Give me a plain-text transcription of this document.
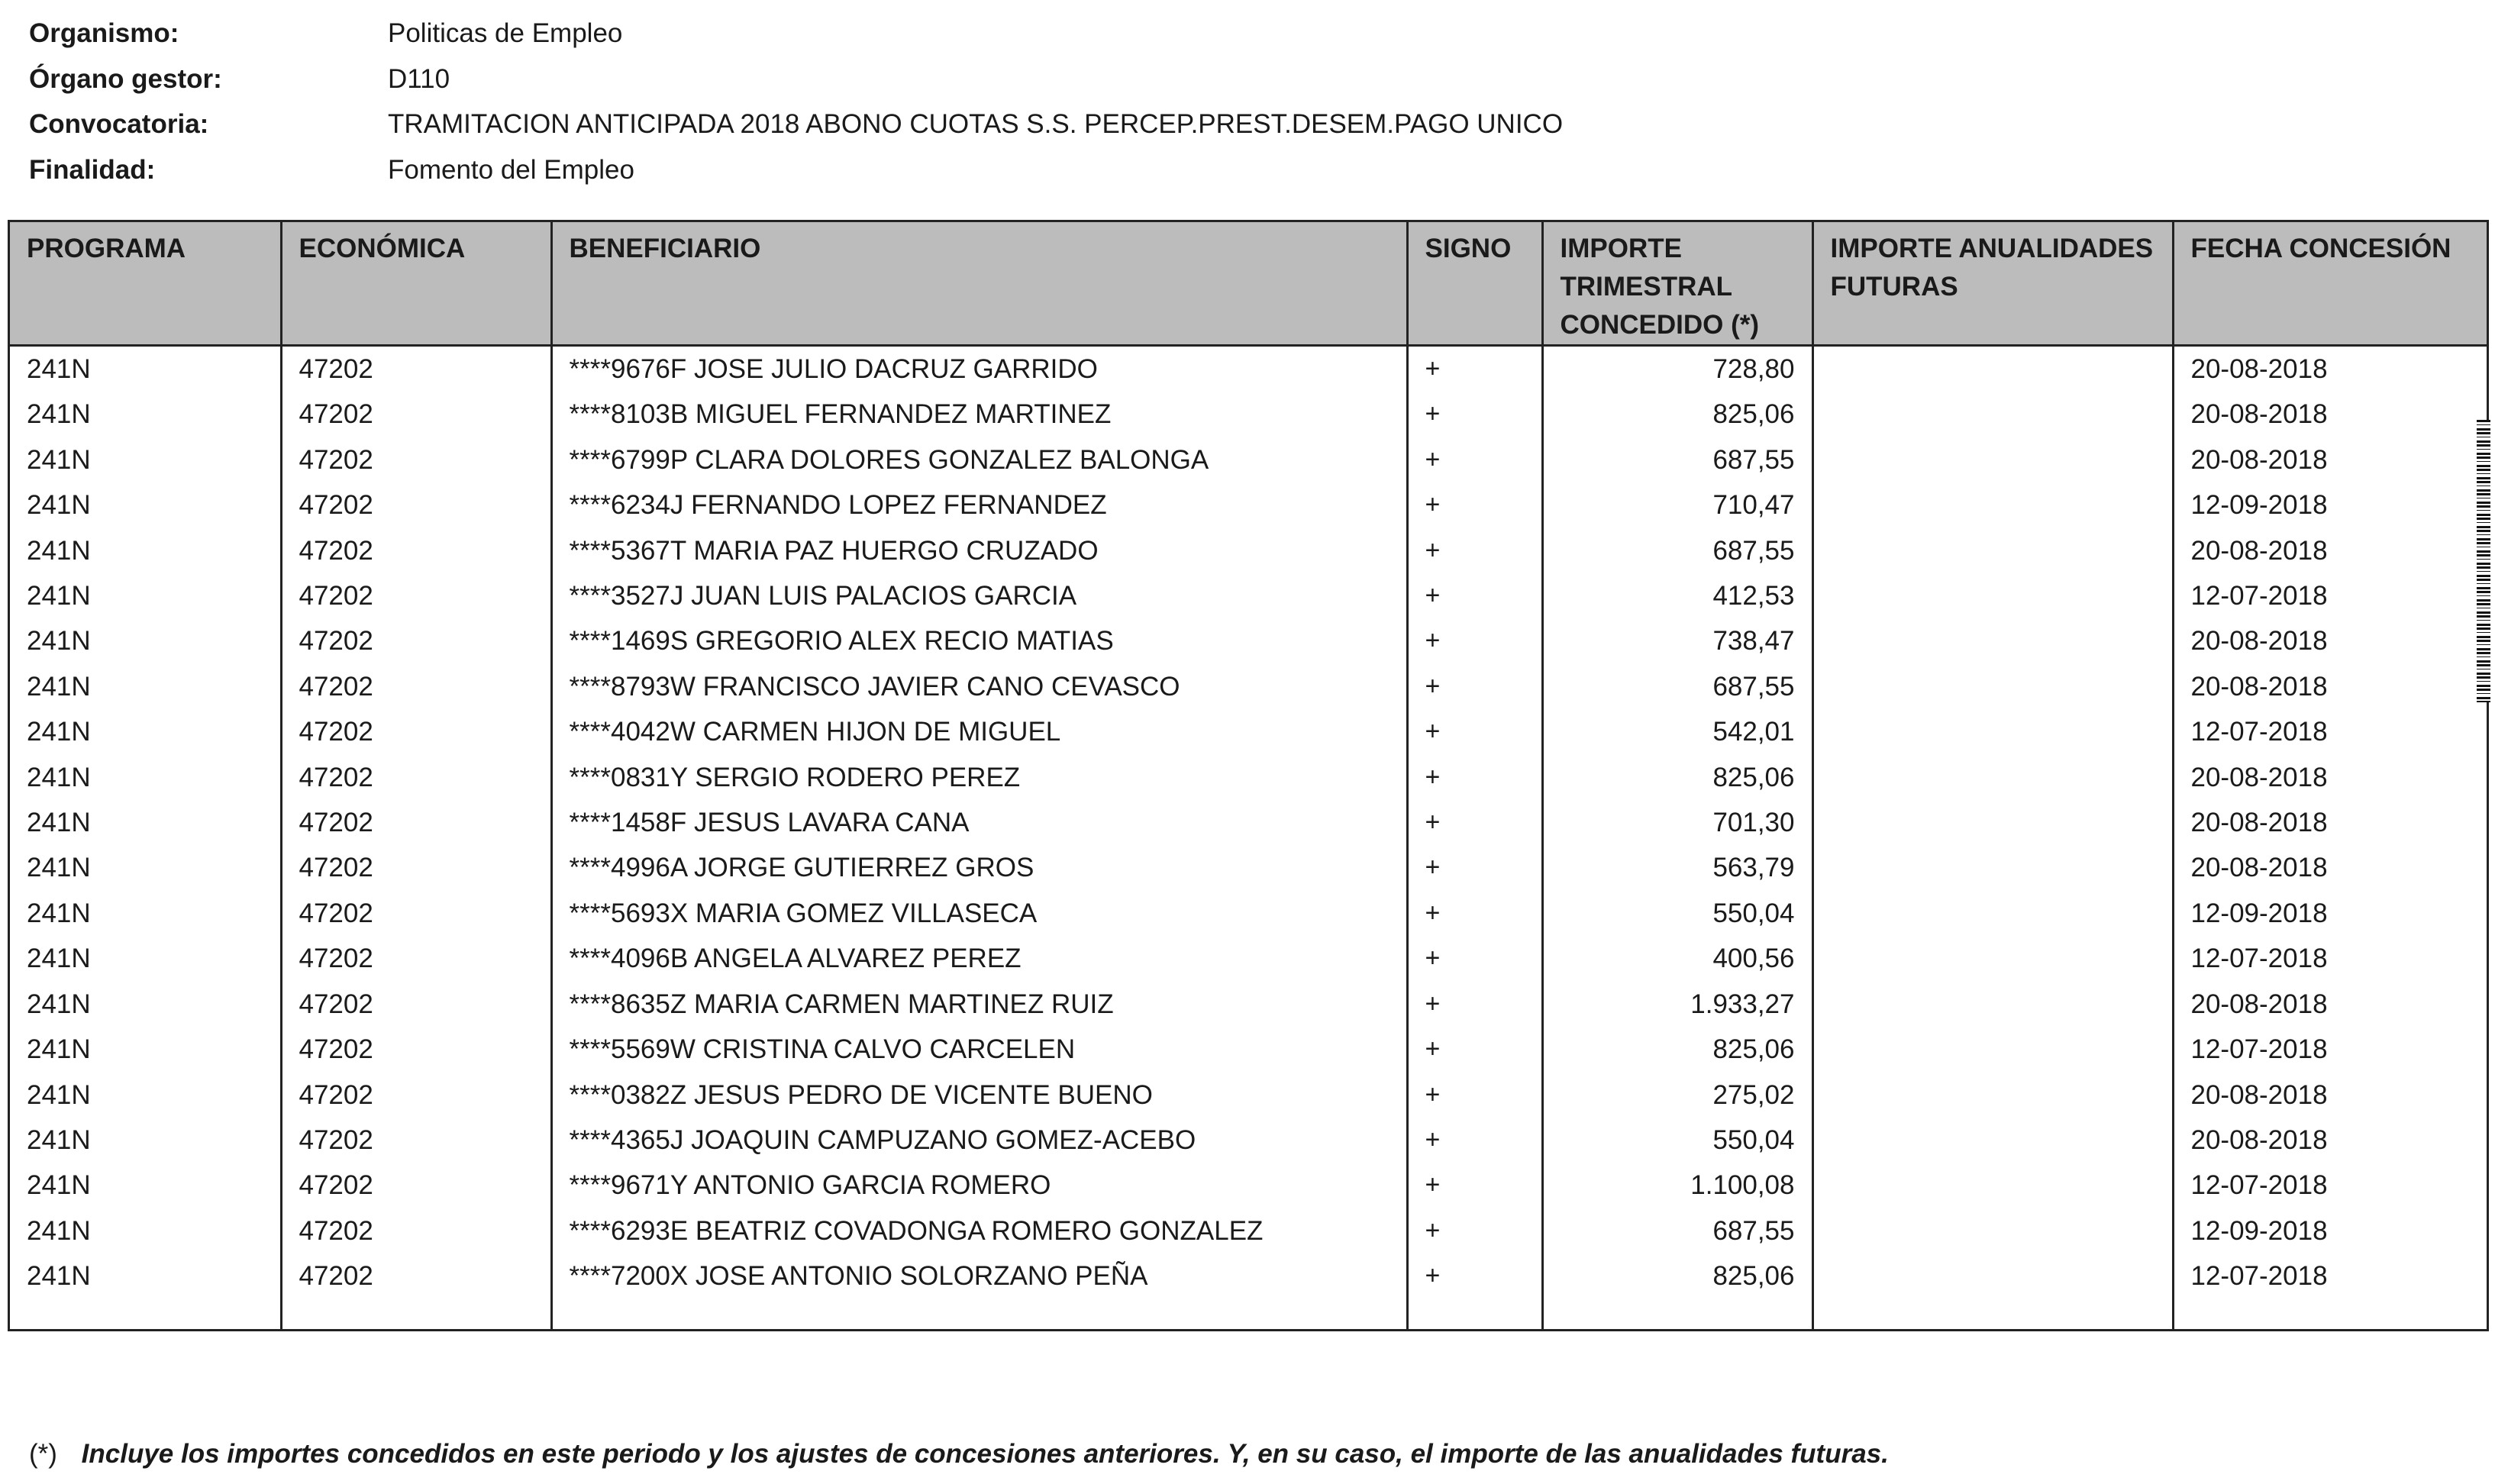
Organismo:	Politicas de Empleo
Órgano gestor:	D110
Convocatoria:	TRAMITACION ANTICIPADA 2018 ABONO CUOTAS S.S. PERCEP.PREST.DESEM.PAGO UNICO
Finalidad:	Fomento del Empleo
PROGRAMA	ECONÓMICA	BENEFICIARIO	SIGNO	IMPORTE TRIMESTRAL CONCEDIDO (*)	IMPORTE ANUALIDADES FUTURAS	FECHA CONCESIÓN
241N	47202	****9676F JOSE JULIO DACRUZ GARRIDO	+	728,80		20-08-2018
241N	47202	****8103B MIGUEL FERNANDEZ MARTINEZ	+	825,06		20-08-2018
241N	47202	****6799P CLARA DOLORES GONZALEZ BALONGA	+	687,55		20-08-2018
241N	47202	****6234J FERNANDO LOPEZ FERNANDEZ	+	710,47		12-09-2018
241N	47202	****5367T MARIA PAZ HUERGO CRUZADO	+	687,55		20-08-2018
241N	47202	****3527J JUAN LUIS PALACIOS GARCIA	+	412,53		12-07-2018
241N	47202	****1469S GREGORIO ALEX RECIO MATIAS	+	738,47		20-08-2018
241N	47202	****8793W FRANCISCO JAVIER CANO CEVASCO	+	687,55		20-08-2018
241N	47202	****4042W CARMEN HIJON DE MIGUEL	+	542,01		12-07-2018
241N	47202	****0831Y SERGIO RODERO PEREZ	+	825,06		20-08-2018
241N	47202	****1458F JESUS LAVARA CANA	+	701,30		20-08-2018
241N	47202	****4996A JORGE GUTIERREZ GROS	+	563,79		20-08-2018
241N	47202	****5693X MARIA GOMEZ VILLASECA	+	550,04		12-09-2018
241N	47202	****4096B ANGELA ALVAREZ PEREZ	+	400,56		12-07-2018
241N	47202	****8635Z MARIA CARMEN MARTINEZ RUIZ	+	1.933,27		20-08-2018
241N	47202	****5569W CRISTINA CALVO CARCELEN	+	825,06		12-07-2018
241N	47202	****0382Z JESUS PEDRO DE VICENTE BUENO	+	275,02		20-08-2018
241N	47202	****4365J JOAQUIN CAMPUZANO GOMEZ-ACEBO	+	550,04		20-08-2018
241N	47202	****9671Y ANTONIO GARCIA ROMERO	+	1.100,08		12-07-2018
241N	47202	****6293E BEATRIZ COVADONGA ROMERO GONZALEZ	+	687,55		12-09-2018
241N	47202	****7200X JOSE ANTONIO SOLORZANO PEÑA	+	825,06		12-07-2018

(*) Incluye los importes concedidos en este periodo y los ajustes de concesiones anteriores. Y, en su caso, el importe de las anualidades futuras.
